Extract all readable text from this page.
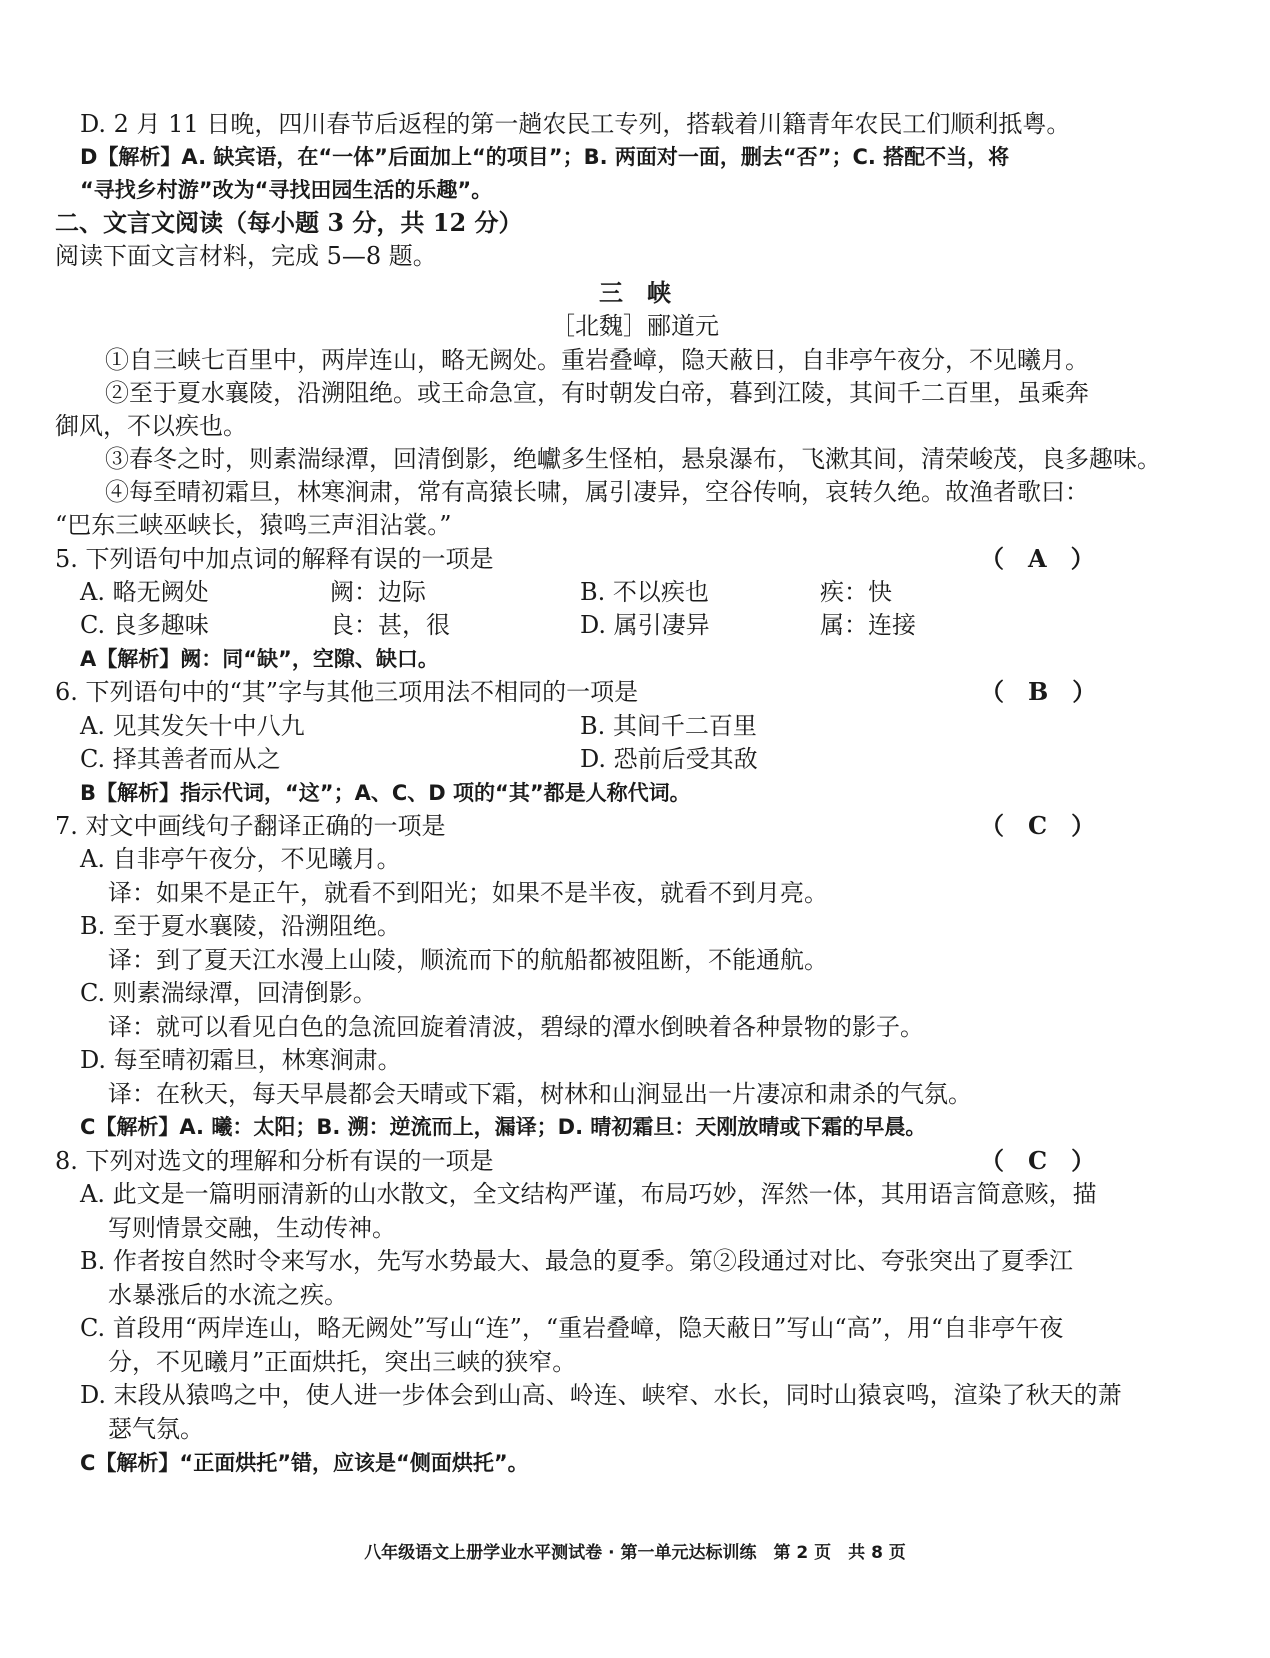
D. 2 月 11 日晚，四川春节后返程的第一趟农民工专列，搭载着川籍青年农民工们顺利抵粤。
D【解析】A. 缺宾语，在“一体”后面加上“的项目”；B. 两面对一面，删去“否”；C. 搭配不当，将
“寻找乡村游”改为“寻找田园生活的乐趣”。
二、文言文阅读（每小题 3 分，共 12 分）
阅读下面文言材料，完成 5—8 题。
三　峡
［北魏］郦道元
①自三峡七百里中，两岸连山，略无阙处。重岩叠嶂，隐天蔽日，自非亭午夜分，不见曦月。
②至于夏水襄陵，沿溯阻绝。或王命急宣，有时朝发白帝，暮到江陵，其间千二百里，虽乘奔
御风，不以疾也。
③春冬之时，则素湍绿潭，回清倒影，绝巘多生怪柏，悬泉瀑布，飞漱其间，清荣峻茂，良多趣味。
④每至晴初霜旦，林寒涧肃，常有高猿长啸，属引凄异，空谷传响，哀转久绝。故渔者歌曰：
“巴东三峡巫峡长，猿鸣三声泪沾裳。”
5. 下列语句中加点词的解释有误的一项是	（　A　）
A. 略无阙处	阙：边际	B. 不以疾也	疾：快
C. 良多趣味	良：甚，很	D. 属引凄异	属：连接
A【解析】阙：同“缺”，空隙、缺口。
6. 下列语句中的“其”字与其他三项用法不相同的一项是	（　B　）
A. 见其发矢十中八九	B. 其间千二百里
C. 择其善者而从之	D. 恐前后受其敌
B【解析】指示代词，“这”；A、C、D 项的“其”都是人称代词。
7. 对文中画线句子翻译正确的一项是	（　C　）
A. 自非亭午夜分，不见曦月。
译：如果不是正午，就看不到阳光；如果不是半夜，就看不到月亮。
B. 至于夏水襄陵，沿溯阻绝。
译：到了夏天江水漫上山陵，顺流而下的航船都被阻断，不能通航。
C. 则素湍绿潭，回清倒影。
译：就可以看见白色的急流回旋着清波，碧绿的潭水倒映着各种景物的影子。
D. 每至晴初霜旦，林寒涧肃。
译：在秋天，每天早晨都会天晴或下霜，树林和山涧显出一片凄凉和肃杀的气氛。
C【解析】A. 曦：太阳；B. 溯：逆流而上，漏译；D. 晴初霜旦：天刚放晴或下霜的早晨。
8. 下列对选文的理解和分析有误的一项是	（　C　）
A. 此文是一篇明丽清新的山水散文，全文结构严谨，布局巧妙，浑然一体，其用语言简意赅，描
写则情景交融，生动传神。
B. 作者按自然时令来写水，先写水势最大、最急的夏季。第②段通过对比、夸张突出了夏季江
水暴涨后的水流之疾。
C. 首段用“两岸连山，略无阙处”写山“连”，“重岩叠嶂，隐天蔽日”写山“高”，用“自非亭午夜
分，不见曦月”正面烘托，突出三峡的狭窄。
D. 末段从猿鸣之中，使人进一步体会到山高、岭连、峡窄、水长，同时山猿哀鸣，渲染了秋天的萧
瑟气氛。
C【解析】“正面烘托”错，应该是“侧面烘托”。
八年级语文上册学业水平测试卷 · 第一单元达标训练　第 2 页　共 8 页
